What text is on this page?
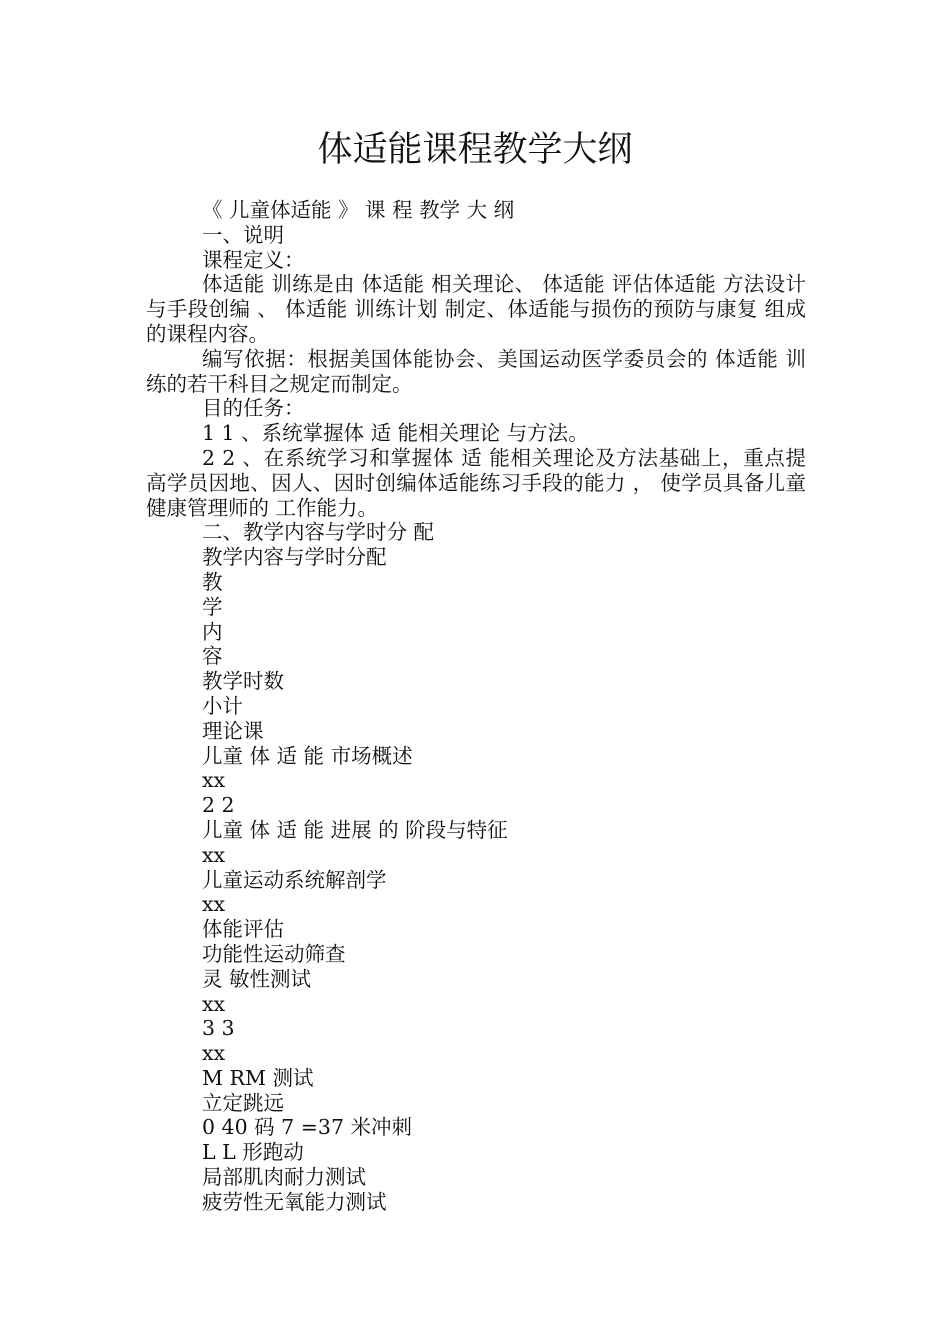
体适能课程教学大纲

《 儿童体适能 》 课 程 教学 大 纲

一、说明

课程定义：

体适能 训练是由 体适能 相关理论、 体适能 评估体适能 方法设计与手段创编 、 体适能 训练计划 制定、体适能与损伤的预防与康复 组成的课程内容。

编写依据：根据美国体能协会、美国运动医学委员会的 体适能 训练的若干科目之规定而制定。

目的任务：

1 1 、系统掌握体 适 能相关理论 与方法。

2 2 、在系统学习和掌握体 适 能相关理论及方法基础上，重点提高学员因地、因人、因时创编体适能练习手段的能力 ， 使学员具备儿童健康管理师的 工作能力。

二、教学内容与学时分 配

教学内容与学时分配

教

学

内

容

教学时数

小计

理论课

儿童 体 适 能 市场概述

xx

2 2

儿童 体 适 能 进展 的 阶段与特征

xx

儿童运动系统解剖学

xx

体能评估

功能性运动筛查

灵 敏性测试

xx

3 3

xx

M RM 测试

立定跳远

0 40 码 7 =37 米冲刺

L L 形跑动

局部肌肉耐力测试

疲劳性无氧能力测试
